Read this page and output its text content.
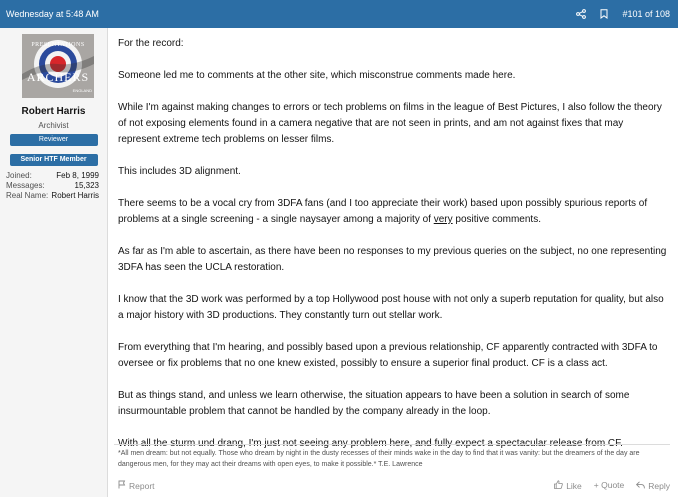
Wednesday at 5:48 AM	#101 of 108
PRESENTATIONS
ARCHERS
ENGLAND
Robert Harris
Archivist
Reviewer
Senior HTF Member
Joined:	Feb 8, 1999
Messages:	15,323
Real Name: Robert Harris

For the record:

Someone led me to comments at the other site, which misconstrue comments made here.

While I'm against making changes to errors or tech problems on films in the league of Best Pictures, I also follow the theory of not exposing elements found in a camera negative that are not seen in prints, and am not against fixes that may represent extreme tech problems on lesser films.

This includes 3D alignment.

There seems to be a vocal cry from 3DFA fans (and I too appreciate their work) based upon possibly spurious reports of problems at a single screening - a single naysayer among a majority of very positive comments.

As far as I'm able to ascertain, as there have been no responses to my previous queries on the subject, no one representing 3DFA has seen the UCLA restoration.

I know that the 3D work was performed by a top Hollywood post house with not only a superb reputation for quality, but also a major history with 3D productions. They constantly turn out stellar work.

From everything that I'm hearing, and possibly based upon a previous relationship, CF apparently contracted with 3DFA to oversee or fix problems that no one knew existed, possibly to ensure a superior final product. CF is a class act.

But as things stand, and unless we learn otherwise, the situation appears to have been a solution in search of some insurmountable problem that cannot be handled by the company already in the loop.

With all the sturm und drang, I'm just not seeing any problem here, and fully expect a spectacular release from CF.

*All men dream: but not equally. Those who dream by night in the dusty recesses of their minds wake in the day to find that it was vanity: but the dreamers of the day are dangerous men, for they may act their dreams with open eyes, to make it possible.* T.E. Lawrence
Report	Like + Quote	Reply
